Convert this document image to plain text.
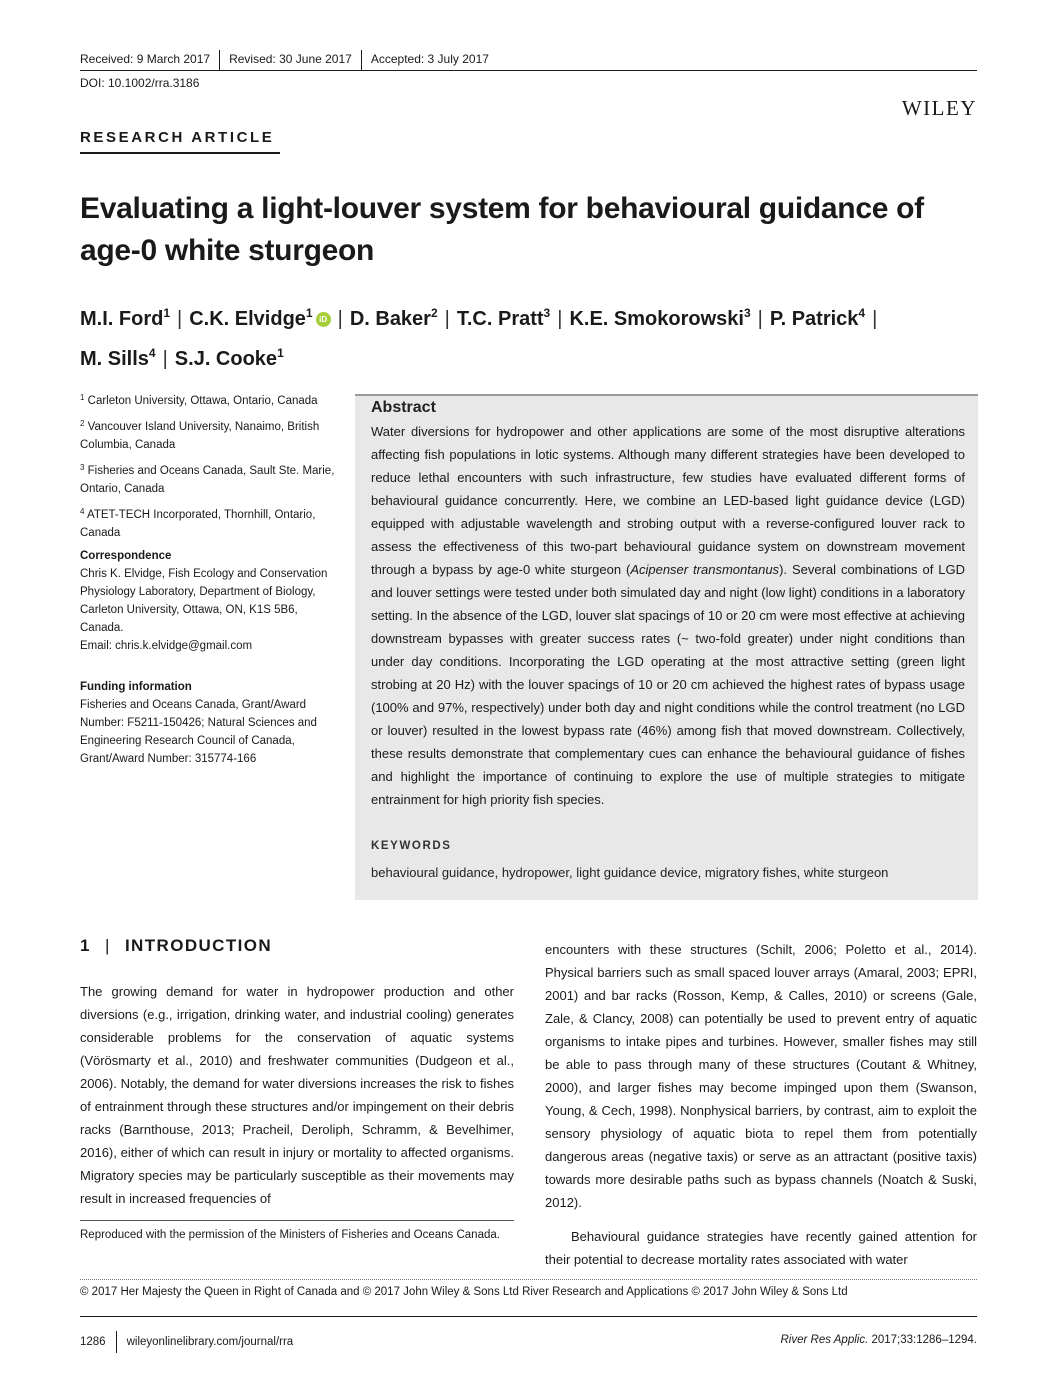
Received: 9 March 2017 Revised: 30 June 2017 Accepted: 3 July 2017
DOI: 10.1002/rra.3186
WILEY
RESEARCH ARTICLE
Evaluating a light-louver system for behavioural guidance of age-0 white sturgeon
M.I. Ford$^1$ | C.K. Elvidge$^1$ iD | D. Baker$^2$ | T.C. Pratt$^3$ | K.E. Smokorowski$^3$ | P. Patrick$^4$ |
M. Sills$^4$ | S.J. Cooke$^1$

$^1$ Carleton University, Ottawa, Ontario, Canada

$^2$ Vancouver Island University, Nanaimo, British Columbia, Canada

$^3$ Fisheries and Oceans Canada, Sault Ste. Marie, Ontario, Canada

$^4$ ATET-TECH Incorporated, Thornhill, Ontario, Canada

Correspondence
Chris K. Elvidge, Fish Ecology and Conservation Physiology Laboratory, Department of Biology, Carleton University, Ottawa, ON, K1S 5B6, Canada.
Email: chris.k.elvidge@gmail.com
Funding information
Fisheries and Oceans Canada, Grant/Award Number: F5211-150426; Natural Sciences and Engineering Research Council of Canada, Grant/Award Number: 315774-166
Abstract

Water diversions for hydropower and other applications are some of the most disruptive alterations affecting fish populations in lotic systems. Although many different strategies have been developed to reduce lethal encounters with such infrastructure, few studies have evaluated different forms of behavioural guidance concurrently. Here, we combine an LED-based light guidance device (LGD) equipped with adjustable wavelength and strobing output with a reverse-configured louver rack to assess the effectiveness of this two-part behavioural guidance system on downstream movement through a bypass by age-0 white sturgeon (Acipenser transmontanus). Several combinations of LGD and louver settings were tested under both simulated day and night (low light) conditions in a laboratory setting. In the absence of the LGD, louver slat spacings of 10 or 20 cm were most effective at achieving downstream bypasses with greater success rates (~ two-fold greater) under night conditions than under day conditions. Incorporating the LGD operating at the most attractive setting (green light strobing at 20 Hz) with the louver spacings of 10 or 20 cm achieved the highest rates of bypass usage (100% and 97%, respectively) under both day and night conditions while the control treatment (no LGD or louver) resulted in the lowest bypass rate (46%) among fish that moved downstream. Collectively, these results demonstrate that complementary cues can enhance the behavioural guidance of fishes and highlight the importance of continuing to explore the use of multiple strategies to mitigate entrainment for high priority fish species.

KEYWORDS
behavioural guidance, hydropower, light guidance device, migratory fishes, white sturgeon
1 | INTRODUCTION

The growing demand for water in hydropower production and other diversions (e.g., irrigation, drinking water, and industrial cooling) generates considerable problems for the conservation of aquatic systems (Vörösmarty et al., 2010) and freshwater communities (Dudgeon et al., 2006). Notably, the demand for water diversions increases the risk to fishes of entrainment through these structures and/or impingement on their debris racks (Barnthouse, 2013; Pracheil, Deroliph, Schramm, & Bevelhimer, 2016), either of which can result in injury or mortality to affected organisms. Migratory species may be particularly susceptible as their movements may result in increased frequencies of

encounters with these structures (Schilt, 2006; Poletto et al., 2014). Physical barriers such as small spaced louver arrays (Amaral, 2003; EPRI, 2001) and bar racks (Rosson, Kemp, & Calles, 2010) or screens (Gale, Zale, & Clancy, 2008) can potentially be used to prevent entry of aquatic organisms to intake pipes and turbines. However, smaller fishes may still be able to pass through many of these structures (Coutant & Whitney, 2000), and larger fishes may become impinged upon them (Swanson, Young, & Cech, 1998). Nonphysical barriers, by contrast, aim to exploit the sensory physiology of aquatic biota to repel them from potentially dangerous areas (negative taxis) or serve as an attractant (positive taxis) towards more desirable paths such as bypass channels (Noatch & Suski, 2012).

Behavioural guidance strategies have recently gained attention for their potential to decrease mortality rates associated with water

Reproduced with the permission of the Ministers of Fisheries and Oceans Canada.
© 2017 Her Majesty the Queen in Right of Canada and © 2017 John Wiley & Sons Ltd River Research and Applications © 2017 John Wiley & Sons Ltd
1286 wileyonlinelibrary.com/journal/rra	River Res Applic. 2017;33:1286–1294.
